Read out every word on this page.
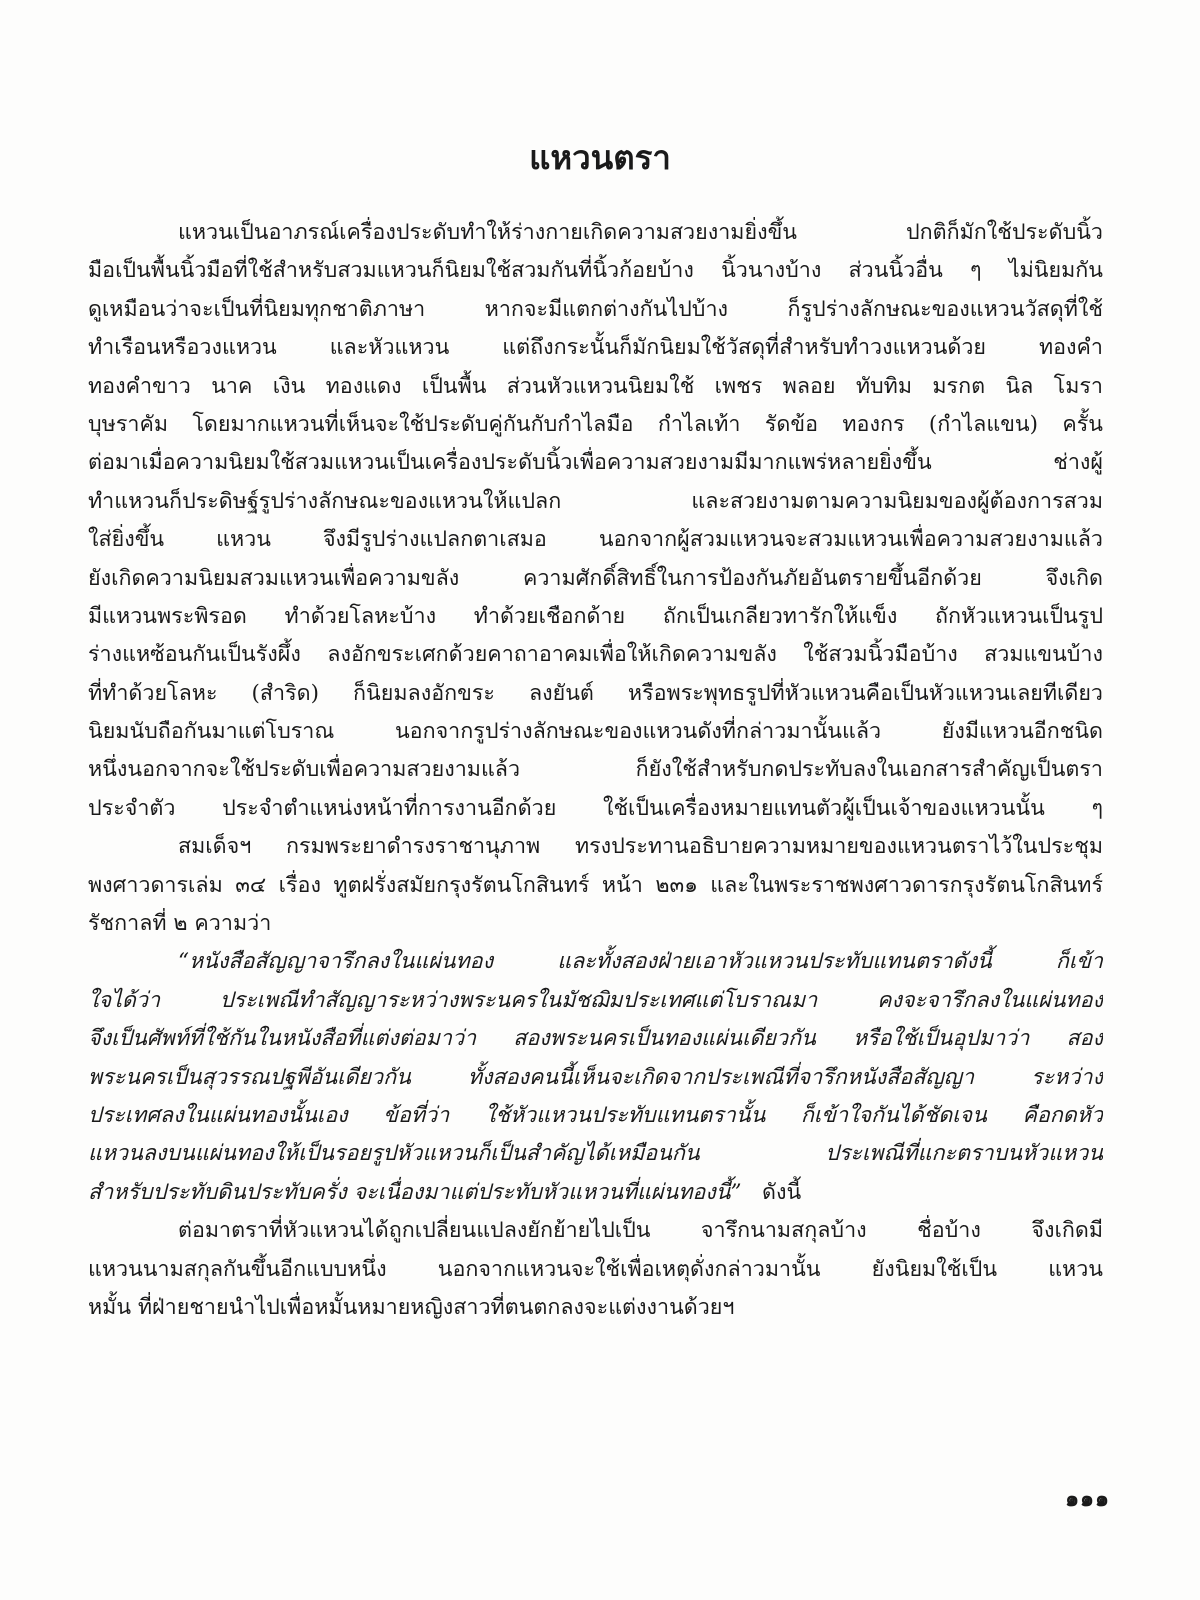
แหวนตรา
แหวนเป็นอาภรณ์เครื่องประดับทำให้ร่างกายเกิดความสวยงามยิ่งขึ้น ปกติก็มักใช้ประดับนิ้ว
มือเป็นพื้นนิ้วมือที่ใช้สำหรับสวมแหวนก็นิยมใช้สวมกันที่นิ้วก้อยบ้าง นิ้วนางบ้าง ส่วนนิ้วอื่น ๆ ไม่นิยมกัน
ดูเหมือนว่าจะเป็นที่นิยมทุกชาติภาษา หากจะมีแตกต่างกันไปบ้าง ก็รูปร่างลักษณะของแหวนวัสดุที่ใช้
ทำเรือนหรือวงแหวน และหัวแหวน แต่ถึงกระนั้นก็มักนิยมใช้วัสดุที่สำหรับทำวงแหวนด้วย ทองคำ
ทองคำขาว นาค เงิน ทองแดง เป็นพื้น ส่วนหัวแหวนนิยมใช้ เพชร พลอย ทับทิม มรกต นิล โมรา
บุษราคัม โดยมากแหวนที่เห็นจะใช้ประดับคู่กันกับกำไลมือ กำไลเท้า รัดข้อ ทองกร (กำไลแขน) ครั้น
ต่อมาเมื่อความนิยมใช้สวมแหวนเป็นเครื่องประดับนิ้วเพื่อความสวยงามมีมากแพร่หลายยิ่งขึ้น ช่างผู้
ทำแหวนก็ประดิษฐ์รูปร่างลักษณะของแหวนให้แปลก และสวยงามตามความนิยมของผู้ต้องการสวม
ใส่ยิ่งขึ้น แหวน จึงมีรูปร่างแปลกตาเสมอ นอกจากผู้สวมแหวนจะสวมแหวนเพื่อความสวยงามแล้ว
ยังเกิดความนิยมสวมแหวนเพื่อความขลัง ความศักดิ์สิทธิ์ในการป้องกันภัยอันตรายขึ้นอีกด้วย จึงเกิด
มีแหวนพระพิรอด ทำด้วยโลหะบ้าง ทำด้วยเชือกด้าย ถักเป็นเกลียวทารักให้แข็ง ถักหัวแหวนเป็นรูป
ร่างแหซ้อนกันเป็นรังผึ้ง ลงอักขระเศกด้วยคาถาอาคมเพื่อให้เกิดความขลัง ใช้สวมนิ้วมือบ้าง สวมแขนบ้าง
ที่ทำด้วยโลหะ (สำริด) ก็นิยมลงอักขระ ลงยันต์ หรือพระพุทธรูปที่หัวแหวนคือเป็นหัวแหวนเลยทีเดียว
นิยมนับถือกันมาแต่โบราณ นอกจากรูปร่างลักษณะของแหวนดังที่กล่าวมานั้นแล้ว ยังมีแหวนอีกชนิด
หนึ่งนอกจากจะใช้ประดับเพื่อความสวยงามแล้ว ก็ยังใช้สำหรับกดประทับลงในเอกสารสำคัญเป็นตรา
ประจำตัว ประจำตำแหน่งหน้าที่การงานอีกด้วย ใช้เป็นเครื่องหมายแทนตัวผู้เป็นเจ้าของแหวนนั้น ๆ
สมเด็จฯ กรมพระยาดำรงราชานุภาพ ทรงประทานอธิบายความหมายของแหวนตราไว้ในประชุม
พงศาวดารเล่ม ๓๔ เรื่อง ทูตฝรั่งสมัยกรุงรัตนโกสินทร์ หน้า ๒๓๑ และในพระราชพงศาวดารกรุงรัตนโกสินทร์
รัชกาลที่ ๒ ความว่า
“หนังสือสัญญาจารึกลงในแผ่นทอง และทั้งสองฝ่ายเอาหัวแหวนประทับแทนตราดังนี้ ก็เข้า
ใจได้ว่า ประเพณีทำสัญญาระหว่างพระนครในมัชฌิมประเทศแต่โบราณมา คงจะจารึกลงในแผ่นทอง
จึงเป็นศัพท์ที่ใช้กันในหนังสือที่แต่งต่อมาว่า สองพระนครเป็นทองแผ่นเดียวกัน หรือใช้เป็นอุปมาว่า สอง
พระนครเป็นสุวรรณปฐพีอันเดียวกัน ทั้งสองคนนี้เห็นจะเกิดจากประเพณีที่จารึกหนังสือสัญญา ระหว่าง
ประเทศลงในแผ่นทองนั้นเอง ข้อที่ว่า ใช้หัวแหวนประทับแทนตรานั้น ก็เข้าใจกันได้ชัดเจน คือกดหัว
แหวนลงบนแผ่นทองให้เป็นรอยรูปหัวแหวนก็เป็นสำคัญได้เหมือนกัน ประเพณีที่แกะตราบนหัวแหวน
สำหรับประทับดินประทับครั่ง จะเนื่องมาแต่ประทับหัวแหวนที่แผ่นทองนี้” ดังนี้
ต่อมาตราที่หัวแหวนได้ถูกเปลี่ยนแปลงยักย้ายไปเป็น จารึกนามสกุลบ้าง ชื่อบ้าง จึงเกิดมี
แหวนนามสกุลกันขึ้นอีกแบบหนึ่ง นอกจากแหวนจะใช้เพื่อเหตุดั่งกล่าวมานั้น ยังนิยมใช้เป็น แหวน
หมั้น ที่ฝ่ายชายนำไปเพื่อหมั้นหมายหญิงสาวที่ตนตกลงจะแต่งงานด้วยฯ
๑๑๑
